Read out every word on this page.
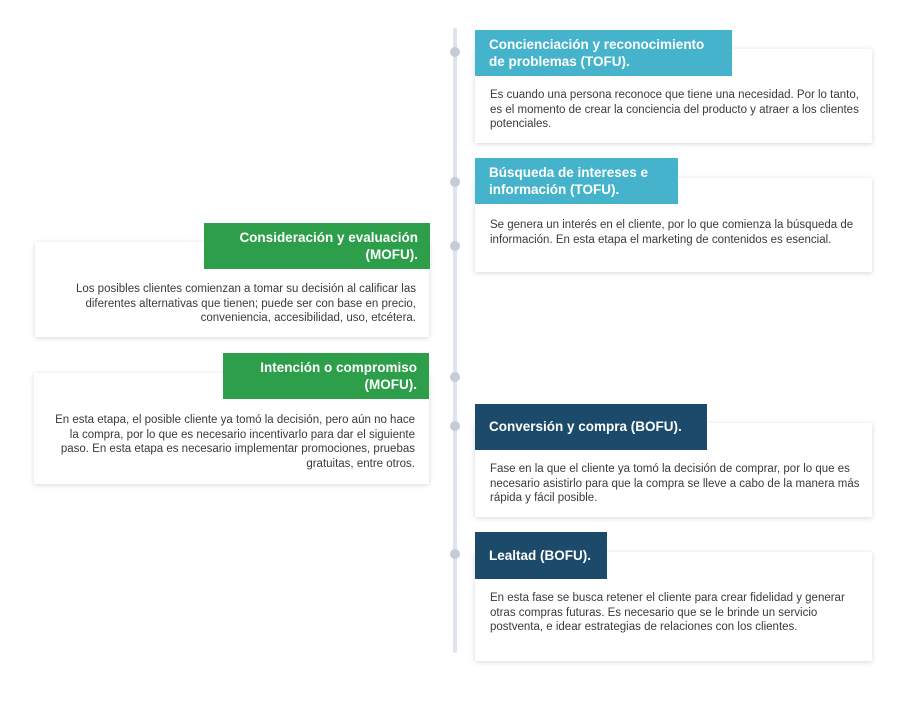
Es cuando una persona reconoce que tiene una necesidad. Por lo tanto, es el momento de crear la conciencia del producto y atraer a los clientes potenciales.
Concienciación y reconocimiento de problemas (TOFU).
Se genera un interés en el cliente, por lo que comienza la búsqueda de información. En esta etapa el marketing de contenidos es esencial.
Búsqueda de intereses e información (TOFU).
Los posibles clientes comienzan a tomar su decisión al calificar las diferentes alternativas que tienen; puede ser con base en precio, conveniencia, accesibilidad, uso, etcétera.
Consideración y evaluación (MOFU).
En esta etapa, el posible cliente ya tomó la decisión, pero aún no hace la compra, por lo que es necesario incentivarlo para dar el siguiente paso. En esta etapa es necesario implementar promociones, pruebas gratuitas, entre otros.
Intención o compromiso (MOFU).
Fase en la que el cliente ya tomó la decisión de comprar, por lo que es necesario asistirlo para que la compra se lleve a cabo de la manera más rápida y fácil posible.
Conversión y compra (BOFU).
En esta fase se busca retener el cliente para crear fidelidad y generar otras compras futuras. Es necesario que se le brinde un servicio postventa, e idear estrategias de relaciones con los clientes.
Lealtad (BOFU).
